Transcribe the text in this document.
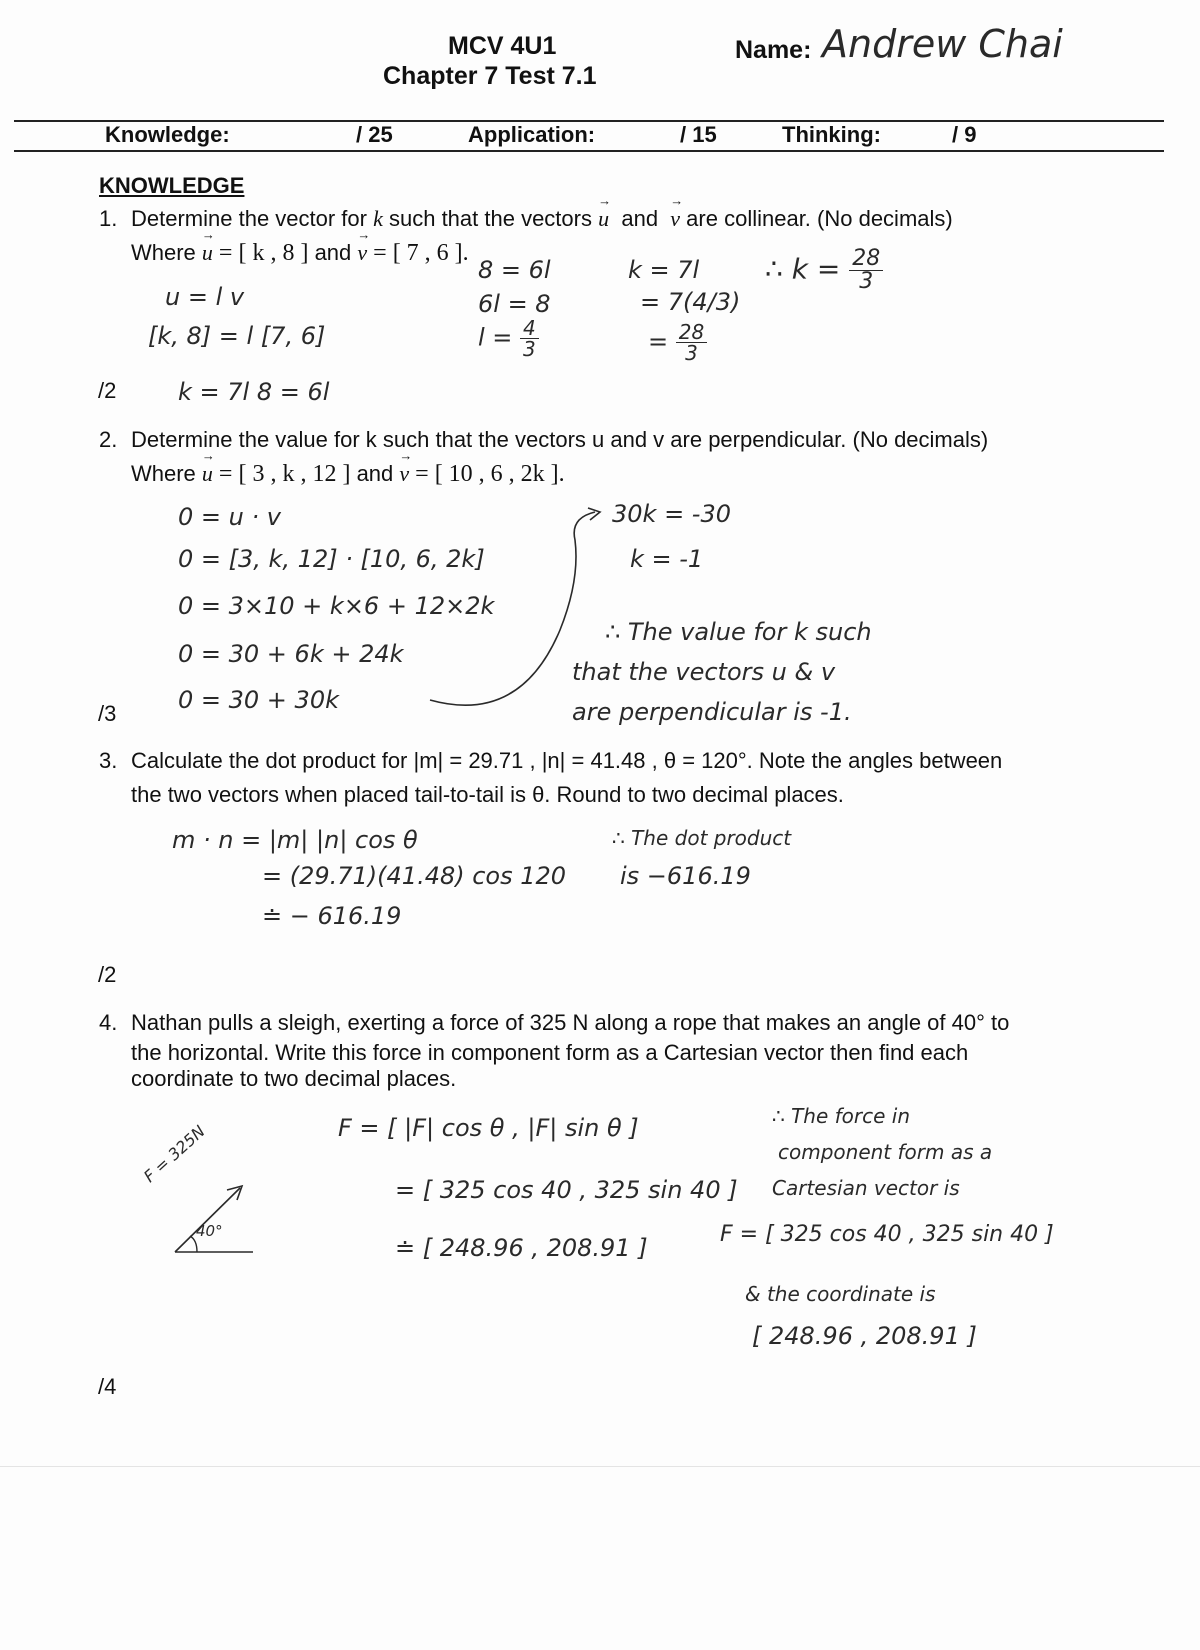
MCV 4U1
Chapter 7 Test 7.1
Name: Andrew Chai
Knowledge:	/ 25	Application:	/ 15	Thinking:	/ 9
KNOWLEDGE
1. Determine the vector for k such that the vectors → u and  → v are collinear. (No decimals)
Where → u = [ k , 8 ] and → v = [ 7 , 6 ].
u = l v
[k, 8] = l [7, 6]
k = 7l 8 = 6l
8 = 6l
6l = 8
$l = \frac{4}{3}$
k = 7l
= 7(4/3)
= $\frac{28}{3}$
∴ $k = \frac{28}{3}$
/2
2. Determine the value for k such that the vectors u and v are perpendicular. (No decimals)
Where → u = [ 3 , k , 12 ] and → v = [ 10 , 6 , 2k ].
0 = u · v
0 = [3, k, 12] · [10, 6, 2k]
0 = 3×10 + k×6 + 12×2k
0 = 30 + 6k + 24k
0 = 30 + 30k
30k = -30
k = -1
∴ The value for k such
that the vectors u & v
are perpendicular is -1.
/3
3. Calculate the dot product for |m| = 29.71 , |n| = 41.48 , θ = 120°. Note the angles between
the two vectors when placed tail-to-tail is θ. Round to two decimal places.
m · n = |m| |n| cos θ
= (29.71)(41.48) cos 120
≐ − 616.19
∴ The dot product
is −616.19
/2
4. Nathan pulls a sleigh, exerting a force of 325 N along a rope that makes an angle of 40° to
the horizontal. Write this force in component form as a Cartesian vector then find each
coordinate to two decimal places.
F = [ |F| cos θ , |F| sin θ ]
= [ 325 cos 40 , 325 sin 40 ]
≐ [ 248.96 , 208.91 ]
F = 325N
40°
∴ The force in
component form as a
Cartesian vector is
F = [ 325 cos 40 , 325 sin 40 ]
& the coordinate is
[ 248.96 , 208.91 ]
/4
